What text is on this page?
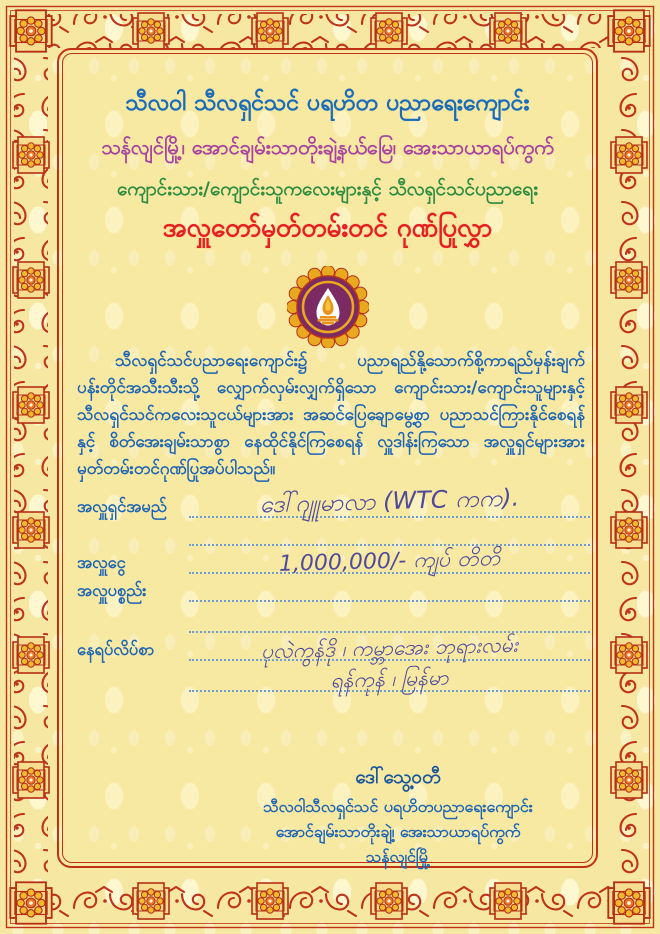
သီလဝါ သီလရှင်သင် ပရဟိတ ပညာရေးကျောင်း
သန်လျင်မြို့၊ အောင်ချမ်းသာတိုးချဲ့နယ်မြေ၊ အေးသာယာရပ်ကွက်
ကျောင်းသား/ကျောင်းသူကလေးများနှင့် သီလရှင်သင်ပညာရေး
အလှူတော်မှတ်တမ်းတင် ဂုဏ်ပြုလွှာ

သီလရှင်သင်ပညာရေးကျောင်း၌ ပညာရည်နို့သောက်စို့ကာရည်မှန်းချက် ပန်းတိုင်အသီးသီးသို့ လျှောက်လှမ်းလျှက်ရှိသော ကျောင်းသား/ကျောင်းသူများနှင့် သီလရှင်သင်ကလေးသူငယ်များအား အဆင်ပြေချောမွေ့စွာ ပညာသင်ကြားနိုင်စေရန်နှင့် စိတ်အေးချမ်းသာစွာ နေထိုင်နိုင်ကြစေရန် လှူဒါန်းကြသော အလှူရှင်များအား မှတ်တမ်းတင်ဂုဏ်ပြုအပ်ပါသည်။

အလှူရှင်အမည်	ဒေါ်ဂျူမာလာ (WTC ကက).
အလှူငွေ	1,000,000/- ကျပ် တိတိ
အလှူပစ္စည်း
နေရပ်လိပ်စာ	ပုလဲကွန်ဒို ၊ ကမ္ဘာအေး ဘုရားလမ်း
ရန်ကုန် ၊ မြန်မာ
ဒေါ်သွေ့ဝတီ
သီလဝါသီလရှင်သင် ပရဟိတပညာရေးကျောင်း
အောင်ချမ်းသာတိုးချဲ့၊ အေးသာယာရပ်ကွက်
သန်လျင်မြို့
